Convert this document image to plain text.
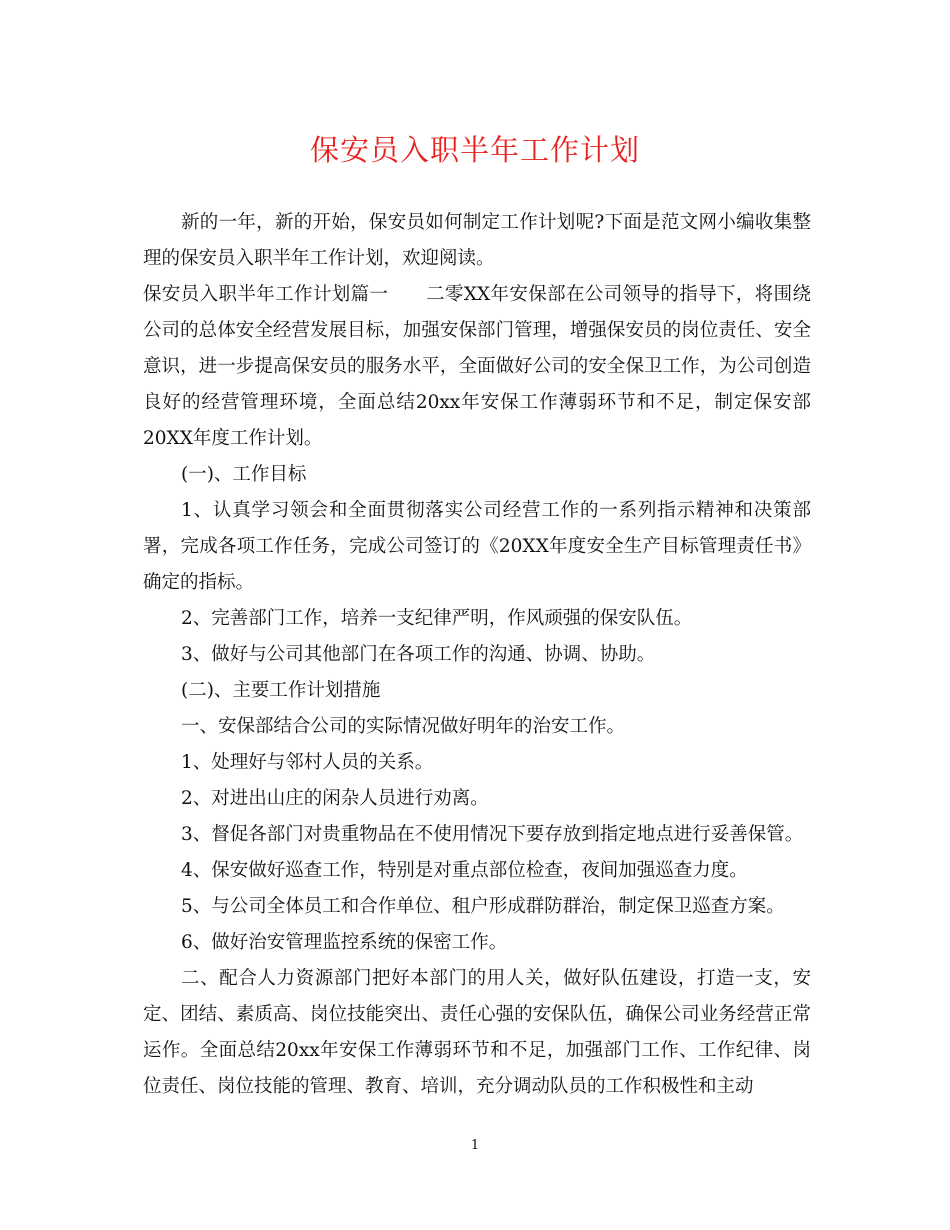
保安员入职半年工作计划

新的一年，新的开始，保安员如何制定工作计划呢?下面是范文网小编收集整理的保安员入职半年工作计划，欢迎阅读。

保安员入职半年工作计划篇一　　二零XX年安保部在公司领导的指导下，将围绕公司的总体安全经营发展目标，加强安保部门管理，增强保安员的岗位责任、安全意识，进一步提高保安员的服务水平，全面做好公司的安全保卫工作，为公司创造良好的经营管理环境，全面总结20xx年安保工作薄弱环节和不足，制定保安部20XX年度工作计划。

(一)、工作目标

1、认真学习领会和全面贯彻落实公司经营工作的一系列指示精神和决策部署，完成各项工作任务，完成公司签订的《20XX年度安全生产目标管理责任书》确定的指标。

2、完善部门工作，培养一支纪律严明，作风顽强的保安队伍。

3、做好与公司其他部门在各项工作的沟通、协调、协助。

(二)、主要工作计划措施

一、安保部结合公司的实际情况做好明年的治安工作。

1、处理好与邻村人员的关系。

2、对进出山庄的闲杂人员进行劝离。

3、督促各部门对贵重物品在不使用情况下要存放到指定地点进行妥善保管。

4、保安做好巡查工作，特别是对重点部位检查，夜间加强巡查力度。

5、与公司全体员工和合作单位、租户形成群防群治，制定保卫巡查方案。

6、做好治安管理监控系统的保密工作。

二、配合人力资源部门把好本部门的用人关，做好队伍建设，打造一支，安定、团结、素质高、岗位技能突出、责任心强的安保队伍，确保公司业务经营正常运作。全面总结20xx年安保工作薄弱环节和不足，加强部门工作、工作纪律、岗位责任、岗位技能的管理、教育、培训，充分调动队员的工作积极性和主动

1
